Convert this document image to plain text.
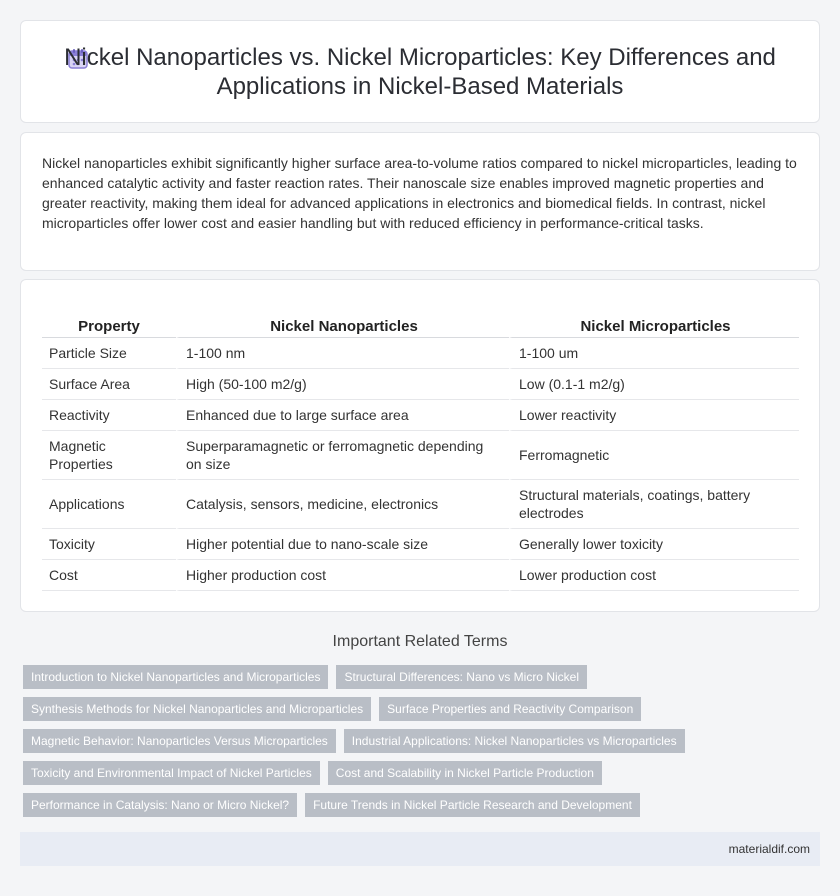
Nickel Nanoparticles vs. Nickel Microparticles: Key Differences and Applications in Nickel-Based Materials

Nickel nanoparticles exhibit significantly higher surface area-to-volume ratios compared to nickel microparticles, leading to enhanced catalytic activity and faster reaction rates. Their nanoscale size enables improved magnetic properties and greater reactivity, making them ideal for advanced applications in electronics and biomedical fields. In contrast, nickel microparticles offer lower cost and easier handling but with reduced efficiency in performance-critical tasks.

Property	Nickel Nanoparticles	Nickel Microparticles
Particle Size	1-100 nm	1-100 um
Surface Area	High (50-100 m2/g)	Low (0.1-1 m2/g)
Reactivity	Enhanced due to large surface area	Lower reactivity
Magnetic Properties	Superparamagnetic or ferromagnetic depending on size	Ferromagnetic
Applications	Catalysis, sensors, medicine, electronics	Structural materials, coatings, battery electrodes
Toxicity	Higher potential due to nano-scale size	Generally lower toxicity
Cost	Higher production cost	Lower production cost
Important Related Terms
Introduction to Nickel Nanoparticles and Microparticles	Structural Differences: Nano vs Micro Nickel
Synthesis Methods for Nickel Nanoparticles and Microparticles	Surface Properties and Reactivity Comparison
Magnetic Behavior: Nanoparticles Versus Microparticles	Industrial Applications: Nickel Nanoparticles vs Microparticles
Toxicity and Environmental Impact of Nickel Particles	Cost and Scalability in Nickel Particle Production
Performance in Catalysis: Nano or Micro Nickel?	Future Trends in Nickel Particle Research and Development
materialdif.com
